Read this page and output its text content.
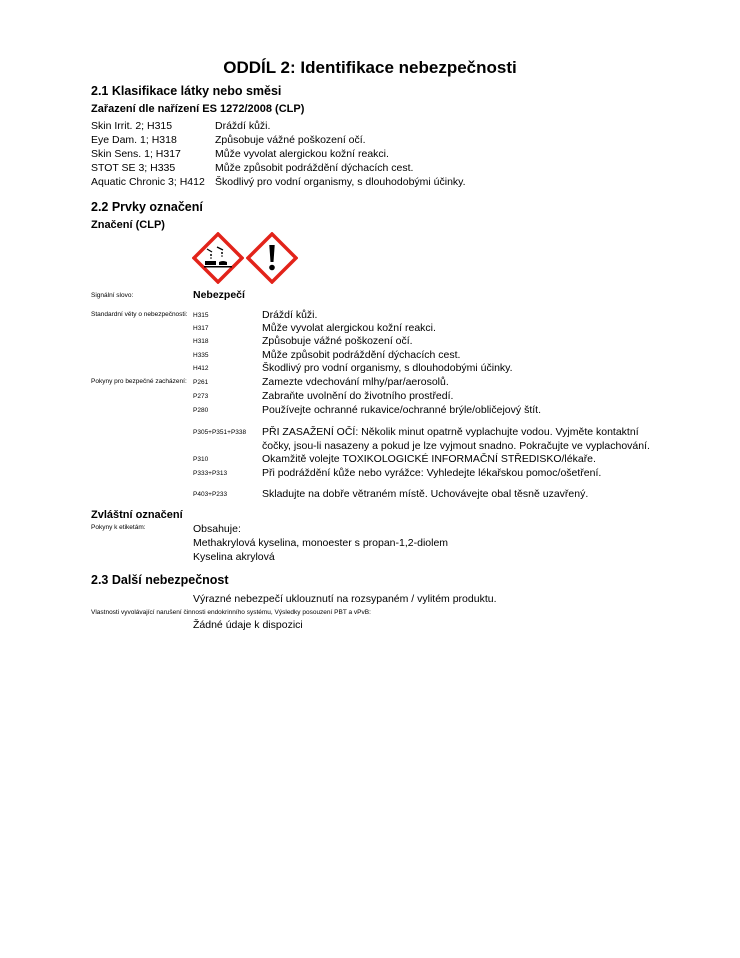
ODDÍL 2: Identifikace nebezpečnosti
2.1 Klasifikace látky nebo směsi
Zařazení dle nařízení ES 1272/2008 (CLP)
Skin Irrit. 2; H315	Dráždí kůži.
Eye Dam. 1; H318	Způsobuje vážné poškození očí.
Skin Sens. 1; H317	Může vyvolat alergickou kožní reakci.
STOT SE 3; H335	Může způsobit podráždění dýchacích cest.
Aquatic Chronic 3; H412 Škodlivý pro vodní organismy, s dlouhodobými účinky.
2.2 Prvky označení
Značení (CLP)
Signální slovo:	Nebezpečí
Standardní věty o nebezpečnosti: H315	Dráždí kůži.
H317	Může vyvolat alergickou kožní reakci.
H318	Způsobuje vážné poškození očí.
H335	Může způsobit podráždění dýchacích cest.
H412	Škodlivý pro vodní organismy, s dlouhodobými účinky.
Pokyny pro bezpečné zacházení: P261	Zamezte vdechování mlhy/par/aerosolů.
P273	Zabraňte uvolnění do životního prostředí.
P280	Používejte ochranné rukavice/ochranné brýle/obličejový štít.
P305+P351+P338 PŘI ZASAŽENÍ OČÍ: Několik minut opatrně vyplachujte vodou. Vyjměte kontaktní
čočky, jsou-li nasazeny a pokud je lze vyjmout snadno. Pokračujte ve vyplachování.
P310	Okamžitě volejte TOXIKOLOGICKÉ INFORMAČNÍ STŘEDISKO/lékaře.
P333+P313	Při podráždění kůže nebo vyrážce: Vyhledejte lékařskou pomoc/ošetření.
P403+P233	Skladujte na dobře větraném místě. Uchovávejte obal těsně uzavřený.
Zvláštní označení
Pokyny k etiketám:	Obsahuje:
Methakrylová kyselina, monoester s propan-1,2-diolem
Kyselina akrylová
2.3 Další nebezpečnost
Výrazné nebezpečí uklouznutí na rozsypaném / vylitém produktu.
Vlastnosti vyvolávající narušení činnosti endokrinního systému, Výsledky posouzení PBT a vPvB:
Žádné údaje k dispozici
